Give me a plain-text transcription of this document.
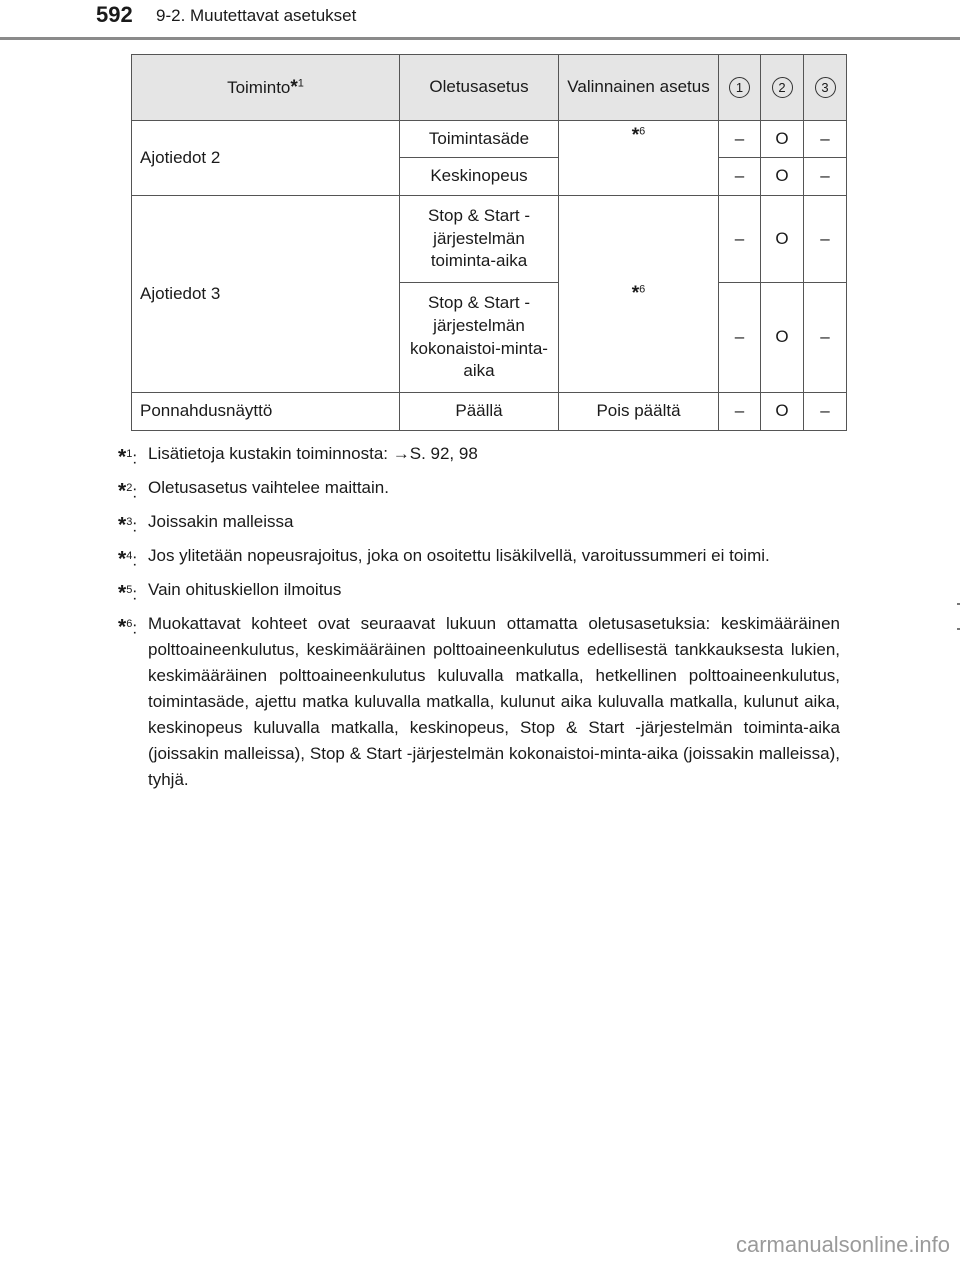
592 9-2. Muutettavat asetukset
Toiminto*$^1$	Oletusasetus	Valinnainen asetus	1	2	3
Ajotiedot 2	Toimintasäde	*$^6$	–	O	–
	Keskinopeus		–	O	–
Ajotiedot 3	Stop & Start -järjestelmän toiminta-aika	*$^6$	–	O	–
	Stop & Start -järjestelmän kokonaistoi-minta-aika		–	O	–
Ponnahdusnäyttö	Päällä	Pois päältä	–	O	–
*$^1$: Lisätietoja kustakin toiminnosta: →S. 92, 98
*$^2$: Oletusasetus vaihtelee maittain.
*$^3$: Joissakin malleissa
*$^4$: Jos ylitetään nopeusrajoitus, joka on osoitettu lisäkilvellä, varoitussummeri ei toimi.
*$^5$: Vain ohituskiellon ilmoitus
*$^6$: Muokattavat kohteet ovat seuraavat lukuun ottamatta oletusasetuksia: keskimääräinen polttoaineenkulutus, keskimääräinen polttoaineenkulutus edellisestä tankkauksesta lukien, keskimääräinen polttoaineenkulutus kuluvalla matkalla, hetkellinen polttoaineenkulutus, toimintasäde, ajettu matka kuluvalla matkalla, kulunut aika kuluvalla matkalla, kulunut aika, keskinopeus kuluvalla matkalla, keskinopeus, Stop & Start -järjestelmän toiminta-aika (joissakin malleissa), Stop & Start -järjestelmän kokonaistoi-minta-aika (joissakin malleissa), tyhjä.
carmanualsonline.info
